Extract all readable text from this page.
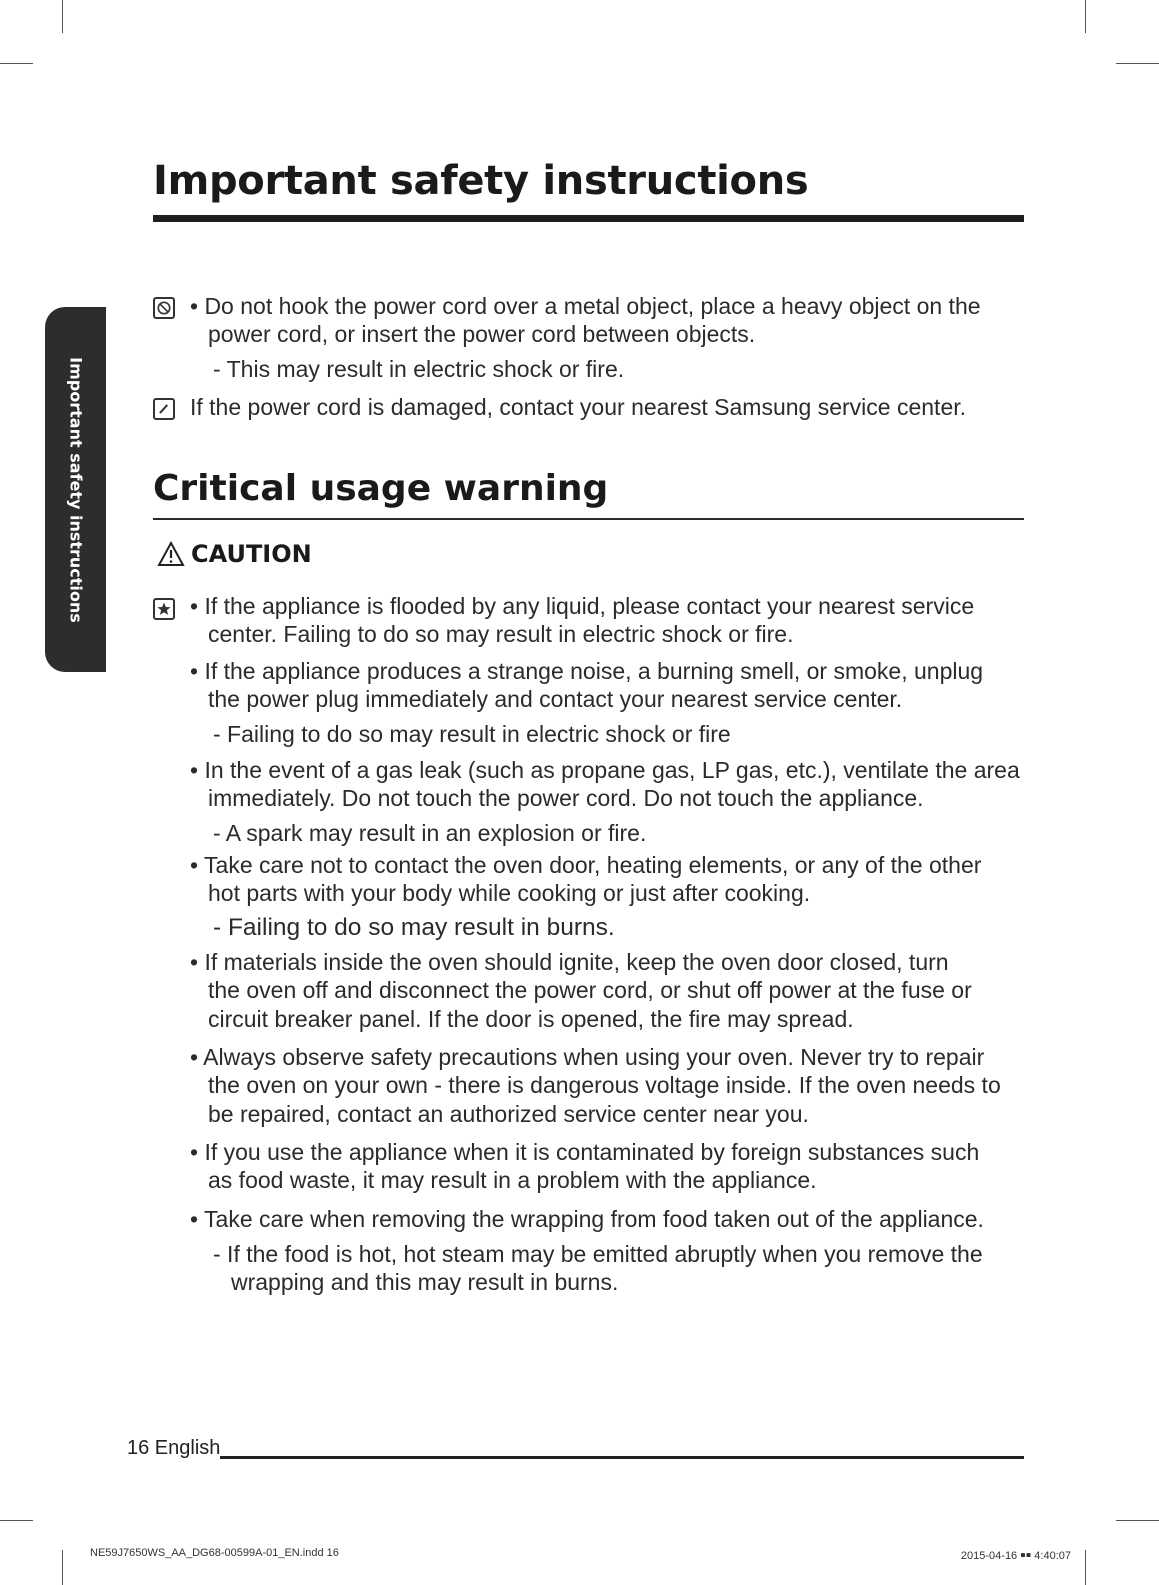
Important safety instructions
Important safety instructions

• Do not hook the power cord over a metal object, place a heavy object on the

power cord, or insert the power cord between objects.

- This may result in electric shock or fire.

If the power cord is damaged, contact your nearest Samsung service center.

Critical usage warning
CAUTION

• If the appliance is flooded by any liquid, please contact your nearest service

center. Failing to do so may result in electric shock or fire.

• If the appliance produces a strange noise, a burning smell, or smoke, unplug

the power plug immediately and contact your nearest service center.

- Failing to do so may result in electric shock or fire

• In the event of a gas leak (such as propane gas, LP gas, etc.), ventilate the area

immediately. Do not touch the power cord. Do not touch the appliance.

- A spark may result in an explosion or fire.

• Take care not to contact the oven door, heating elements, or any of the other

hot parts with your body while cooking or just after cooking.

- Failing to do so may result in burns.

• If materials inside the oven should ignite, keep the oven door closed, turn

the oven off and disconnect the power cord, or shut off power at the fuse or

circuit breaker panel. If the door is opened, the fire may spread.

• Always observe safety precautions when using your oven. Never try to repair

the oven on your own - there is dangerous voltage inside. If the oven needs to

be repaired, contact an authorized service center near you.

• If you use the appliance when it is contaminated by foreign substances such

as food waste, it may result in a problem with the appliance.

• Take care when removing the wrapping from food taken out of the appliance.

- If the food is hot, hot steam may be emitted abruptly when you remove the

wrapping and this may result in burns.

16 English

NE59J7650WS_AA_DG68-00599A-01_EN.indd 16	2015-04-16 ￭￭ 4:40:07
